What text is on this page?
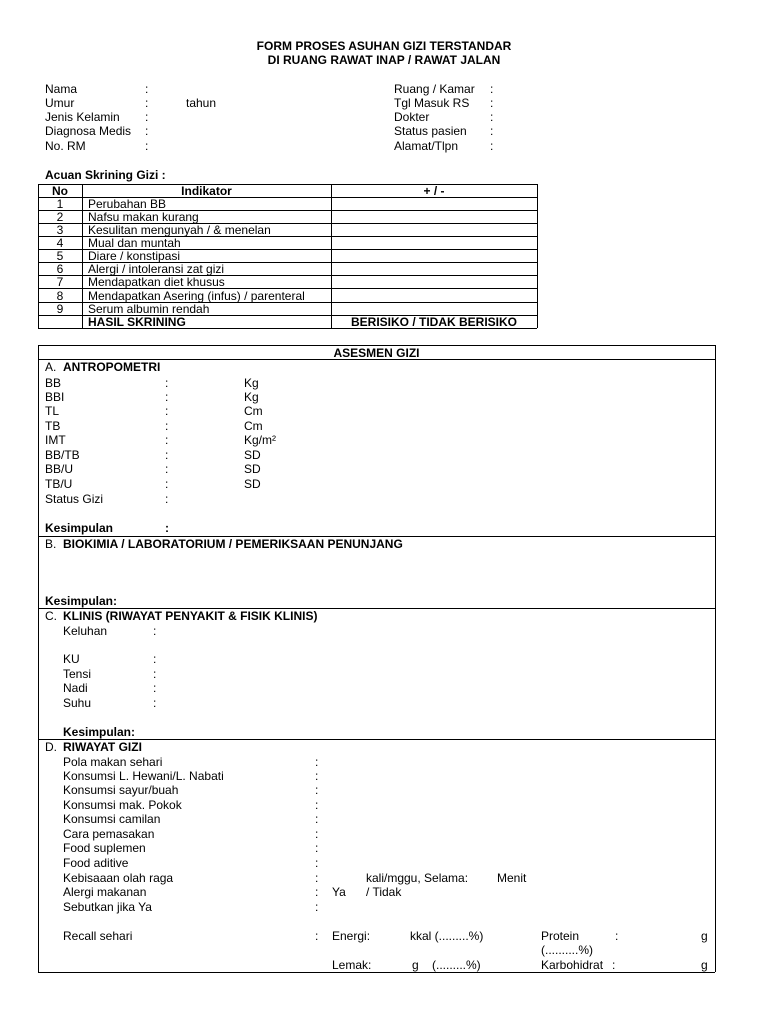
FORM PROSES ASUHAN GIZI TERSTANDAR
DI RUANG RAWAT INAP / RAWAT JALAN
Nama	:
Umur	:	tahun
Jenis Kelamin :
Diagnosa Medis :
No. RM	:
Ruang / Kamar :
Tgl Masuk RS :
Dokter	:
Status pasien :
Alamat/Tlpn	:
Acuan Skrining Gizi :
No	Indikator	+ / -
1	Perubahan BB
2	Nafsu makan kurang
3	Kesulitan mengunyah / & menelan
4	Mual dan muntah
5	Diare / konstipasi
6	Alergi / intoleransi zat gizi
7	Mendapatkan diet khusus
8	Mendapatkan Asering (infus) / parenteral
9	Serum albumin rendah
HASIL SKRINING	BERISIKO / TIDAK BERISIKO
ASESMEN GIZI
A. ANTROPOMETRI
BB	:	Kg
BBI	:	Kg
TL	:	Cm
TB	:	Cm
IMT	:	Kg/m²
BB/TB	:	SD
BB/U	:	SD
TB/U	:	SD
Status Gizi	:
Kesimpulan	:
B. BIOKIMIA / LABORATORIUM / PEMERIKSAAN PENUNJANG
Kesimpulan:
C. KLINIS (RIWAYAT PENYAKIT & FISIK KLINIS)
Keluhan	:
KU	:
Tensi	:
Nadi	:
Suhu	:
Kesimpulan:
D. RIWAYAT GIZI
Pola makan sehari	:
Konsumsi L. Hewani/L. Nabati	:
Konsumsi sayur/buah	:
Konsumsi mak. Pokok	:
Konsumsi camilan	:
Cara pemasakan	:
Food suplemen	:
Food aditive	:
Kebisaaan olah raga	:	kali/mggu, Selama: Menit
Alergi makanan	: Ya / Tidak
Sebutkan jika Ya	:
Recall sehari	: Energi:	kkal (.........%)	Protein	:	g
(..........%)
Lemak:	g (.........%)	Karbohidrat :	g
